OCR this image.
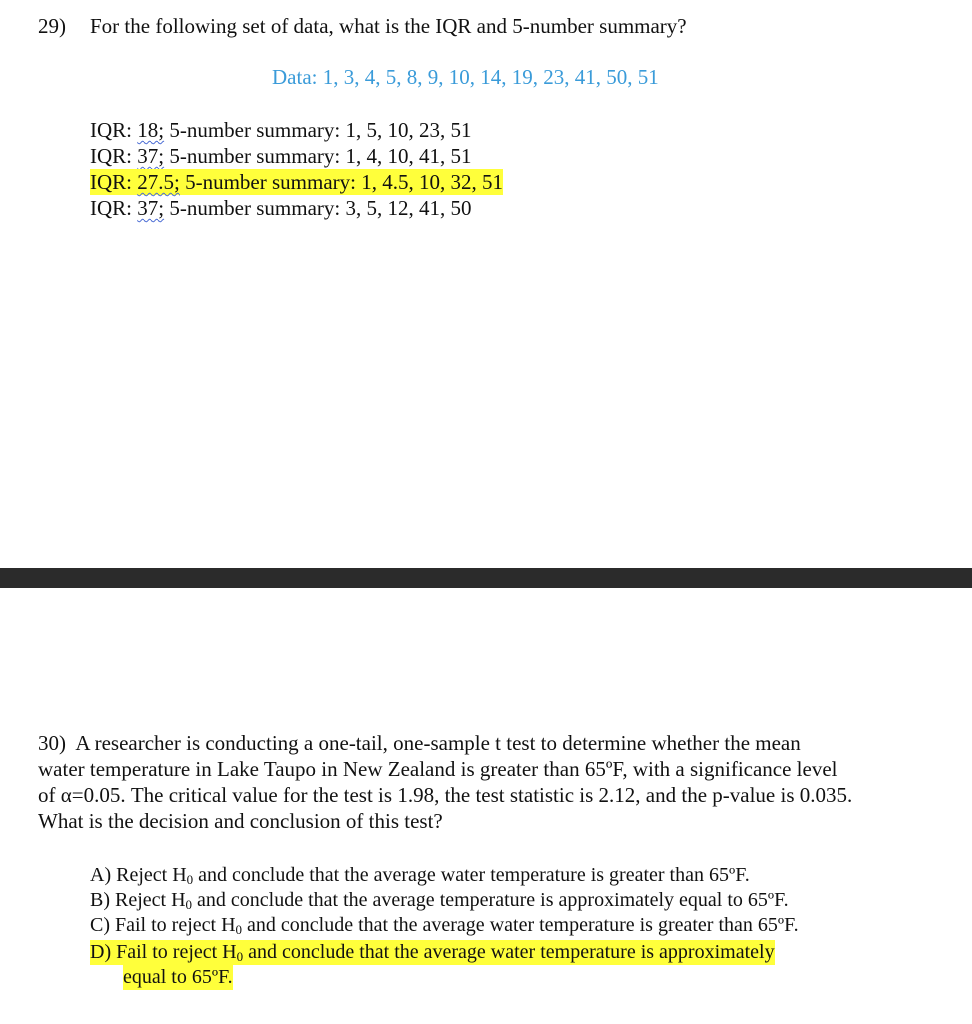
29) For the following set of data, what is the IQR and 5-number summary?
Data: 1, 3, 4, 5, 8, 9, 10, 14, 19, 23, 41, 50, 51
IQR: 18; 5-number summary: 1, 5, 10, 23, 51
IQR: 37; 5-number summary: 1, 4, 10, 41, 51
IQR: 27.5; 5-number summary: 1, 4.5, 10, 32, 51
IQR: 37; 5-number summary: 3, 5, 12, 41, 50
30) A researcher is conducting a one-tail, one-sample t test to determine whether the mean
water temperature in Lake Taupo in New Zealand is greater than 65ºF, with a significance level
of α=0.05. The critical value for the test is 1.98, the test statistic is 2.12, and the p-value is 0.035.
What is the decision and conclusion of this test?
A) Reject $H_0$ and conclude that the average water temperature is greater than 65ºF.
B) Reject $H_0$ and conclude that the average temperature is approximately equal to 65ºF.
C) Fail to reject $H_0$ and conclude that the average water temperature is greater than 65ºF.
D) Fail to reject $H_0$ and conclude that the average water temperature is approximately
equal to 65ºF.
